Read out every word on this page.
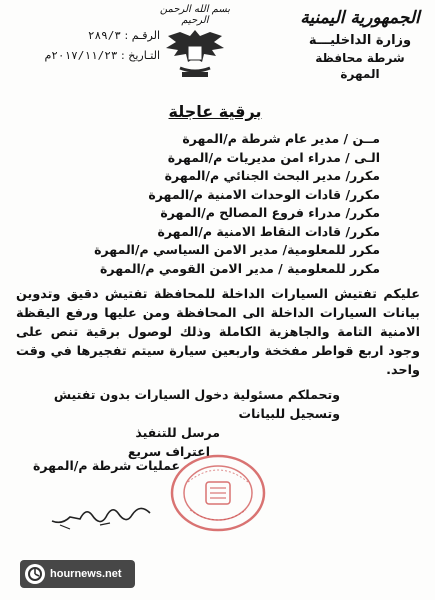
الجمهورية اليمنية
وزارة الداخليـــة
شرطة محافظة المهرة
بسم الله الرحمن الرحيم
الرقـم : ٢٨٩/٣
التـاريخ : ٢٠١٧/١١/٢٣م
برقية عاجلة
مــن / مدير عام شرطة م/المهرة
الـى / مدراء امن مديريات م/المهرة
مكرر/ مدير البحث الجنائي م/المهرة
مكرر/ قادات الوحدات الامنية م/المهرة
مكرر/ مدراء فروع المصالح م/المهرة
مكرر/ قادات النقاط الامنية م/المهرة
مكرر للمعلومية/ مدير الامن السياسي م/المهرة
مكرر للمعلومية / مدير الامن القومي م/المهرة
عليكم تفتيش السيارات الداخلة للمحافظة تفتيش دقيق وتدوين بيانات السيارات الداخلة الى المحافظة ومن عليها ورفع اليقظة الامنية التامة والجاهزية الكاملة وذلك لوصول برقية تنص على وجود اربع قواطر مفخخة واربعين سيارة سيتم تفجيرها في وقت واحد.
وتحملكم مسئولية دخول السيارات بدون تفتيش وتسجيل للبيانات
مرسل للتنفيذ
اعتراف سريع
عمليات شرطة م/المهرة
hournews.net
